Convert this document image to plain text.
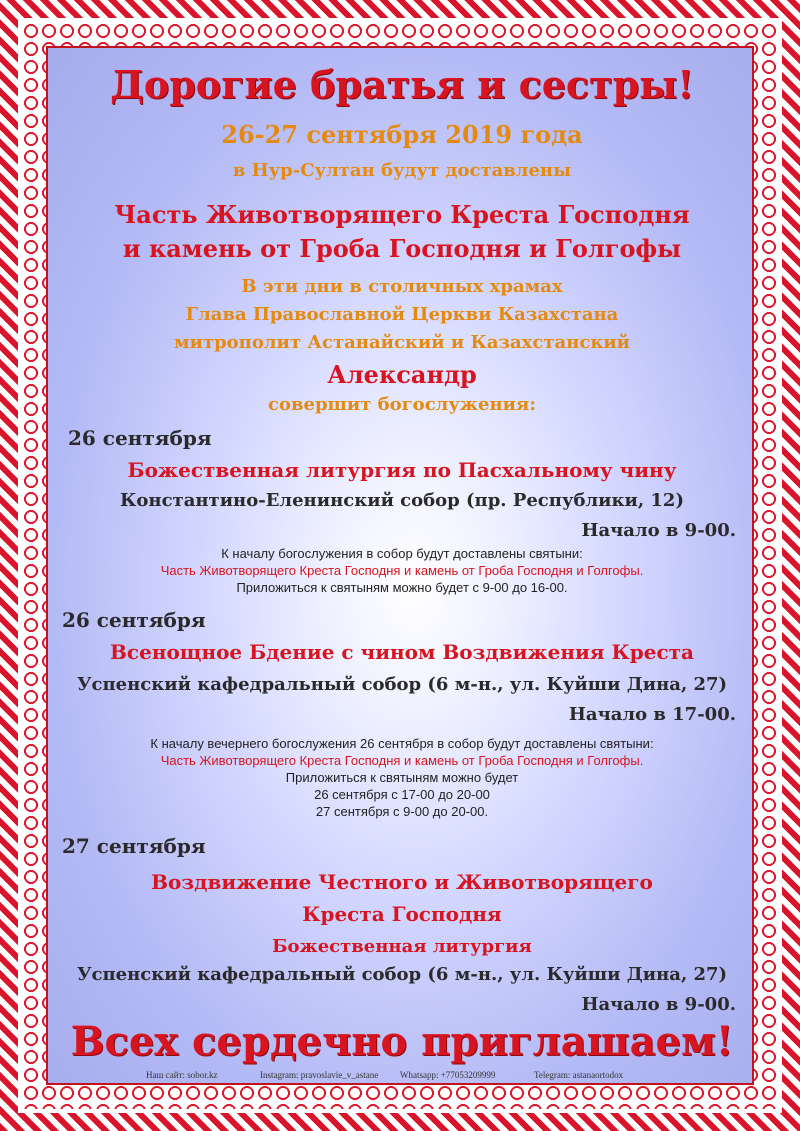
Дорогие братья и сестры!
26-27 сентября 2019 года
в Нур-Султан будут доставлены
Часть Животворящего Креста Господня
и камень от Гроба Господня и Голгофы
В эти дни в столичных храмах
Глава Православной Церкви Казахстана
митрополит Астанайский и Казахстанский
Александр
совершит богослужения:
26 сентября
Божественная литургия по Пасхальному чину
Константино-Еленинский собор (пр. Республики, 12)
Начало в 9-00.
К началу богослужения в собор будут доставлены святыни:
Часть Животворящего Креста Господня и камень от Гроба Господня и Голгофы.
Приложиться к святыням можно будет с 9-00 до 16-00.
26 сентября
Всенощное Бдение с чином Воздвижения Креста
Успенский кафедральный собор (6 м-н., ул. Куйши Дина, 27)
Начало в 17-00.
К началу вечернего богослужения 26 сентября в собор будут доставлены святыни:
Часть Животворящего Креста Господня и камень от Гроба Господня и Голгофы.
Приложиться к святыням можно будет
26 сентября с 17-00 до 20-00
27 сентября с 9-00 до 20-00.
27 сентября
Воздвижение Честного и Животворящего
Креста Господня
Божественная литургия
Успенский кафедральный собор (6 м-н., ул. Куйши Дина, 27)
Начало в 9-00.
Всех сердечно приглашаем!
Наш сайт: sobor.kz	Instagram: pravoslavie_v_astane Whatsapp: +77053209999	Telegram: astanaortodox
